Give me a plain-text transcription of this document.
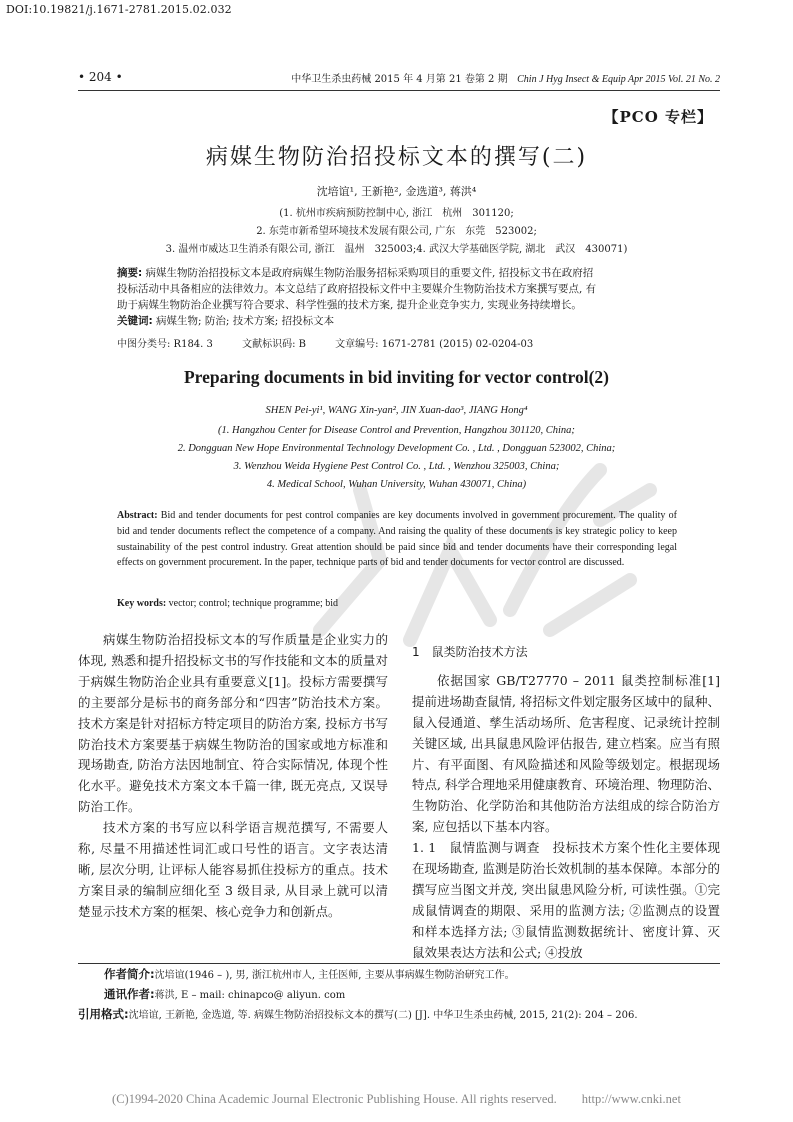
DOI:10.19821/j.1671-2781.2015.02.032
• 204 •	中华卫生杀虫药械 2015 年 4 月第 21 卷第 2 期 Chin J Hyg Insect & Equip Apr 2015 Vol. 21 No. 2
【PCO 专栏】
病媒生物防治招投标文本的撰写(二)
沈培谊¹, 王新艳², 金选道³, 蒋洪⁴
(1. 杭州市疾病预防控制中心, 浙江　杭州　301120;
2. 东莞市新希望环境技术发展有限公司, 广东　东莞　523002;
3. 温州市威达卫生消杀有限公司, 浙江　温州　325003;4. 武汉大学基础医学院, 湖北　武汉　430071)
摘要: 病媒生物防治招投标文本是政府病媒生物防治服务招标采购项目的重要文件, 招投标文书在政府招
投标活动中具备相应的法律效力。本文总结了政府招投标文件中主要媒介生物防治技术方案撰写要点, 有
助于病媒生物防治企业撰写符合要求、科学性强的技术方案, 提升企业竞争实力, 实现业务持续增长。
关键词: 病媒生物; 防治; 技术方案; 招投标文本
中图分类号: R184. 3	文献标识码: B	文章编号: 1671-2781 (2015) 02-0204-03
Preparing documents in bid inviting for vector control(2)
SHEN Pei-yi¹, WANG Xin-yan², JIN Xuan-dao³, JIANG Hong⁴
(1. Hangzhou Center for Disease Control and Prevention, Hangzhou 301120, China;
2. Dongguan New Hope Environmental Technology Development Co. , Ltd. , Dongguan 523002, China;
3. Wenzhou Weida Hygiene Pest Control Co. , Ltd. , Wenzhou 325003, China;
4. Medical School, Wuhan University, Wuhan 430071, China)
Abstract: Bid and tender documents for pest control companies are key documents involved in government procurement. The quality of bid and tender documents reflect the competence of a company. And raising the quality of these documents is key strategic policy to keep sustainability of the pest control industry. Great attention should be paid since bid and tender documents have their corresponding legal effects on government procurement. In the paper, technique parts of bid and tender documents for vector control are discussed.
Key words: vector; control; technique programme; bid

病媒生物防治招投标文本的写作质量是企业实力的体现, 熟悉和提升招投标文书的写作技能和文本的质量对于病媒生物防治企业具有重要意义[1]。投标方需要撰写的主要部分是标书的商务部分和“四害”防治技术方案。技术方案是针对招标方特定项目的防治方案, 投标方书写防治技术方案要基于病媒生物防治的国家或地方标准和现场勘查, 防治方法因地制宜、符合实际情况, 体现个性化水平。避免技术方案文本千篇一律, 既无亮点, 又误导防治工作。

技术方案的书写应以科学语言规范撰写, 不需要人称, 尽量不用描述性词汇或口号性的语言。文字表达清晰, 层次分明, 让评标人能容易抓住投标方的重点。技术方案目录的编制应细化至 3 级目录, 从目录上就可以清楚显示技术方案的框架、核心竞争力和创新点。

1　鼠类防治技术方法

依据国家 GB/T27770 – 2011 鼠类控制标准[1] 提前进场勘查鼠情, 将招标文件划定服务区域中的鼠种、鼠入侵通道、孳生活动场所、危害程度、记录统计控制关键区域, 出具鼠患风险评估报告, 建立档案。应当有照片、有平面图、有风险描述和风险等级划定。根据现场特点, 科学合理地采用健康教育、环境治理、物理防治、生物防治、化学防治和其他防治方法组成的综合防治方案, 应包括以下基本内容。

1. 1　鼠情监测与调查　投标技术方案个性化主要体现在现场勘查, 监测是防治长效机制的基本保障。本部分的撰写应当图文并茂, 突出鼠患风险分析, 可读性强。①完成鼠情调查的期限、采用的监测方法; ②监测点的设置和样本选择方法; ③鼠情监测数据统计、密度计算、灭鼠效果表达方法和公式; ④投放

作者简介:沈培谊(1946 – ), 男, 浙江杭州市人, 主任医师, 主要从事病媒生物防治研究工作。
通讯作者:蒋洪, E – mail: chinapco@ aliyun. com
引用格式:沈培谊, 王新艳, 金选道, 等. 病媒生物防治招投标文本的撰写(二) [J]. 中华卫生杀虫药械, 2015, 21(2): 204 – 206.
(C)1994-2020 China Academic Journal Electronic Publishing House. All rights reserved.　　http://www.cnki.net
